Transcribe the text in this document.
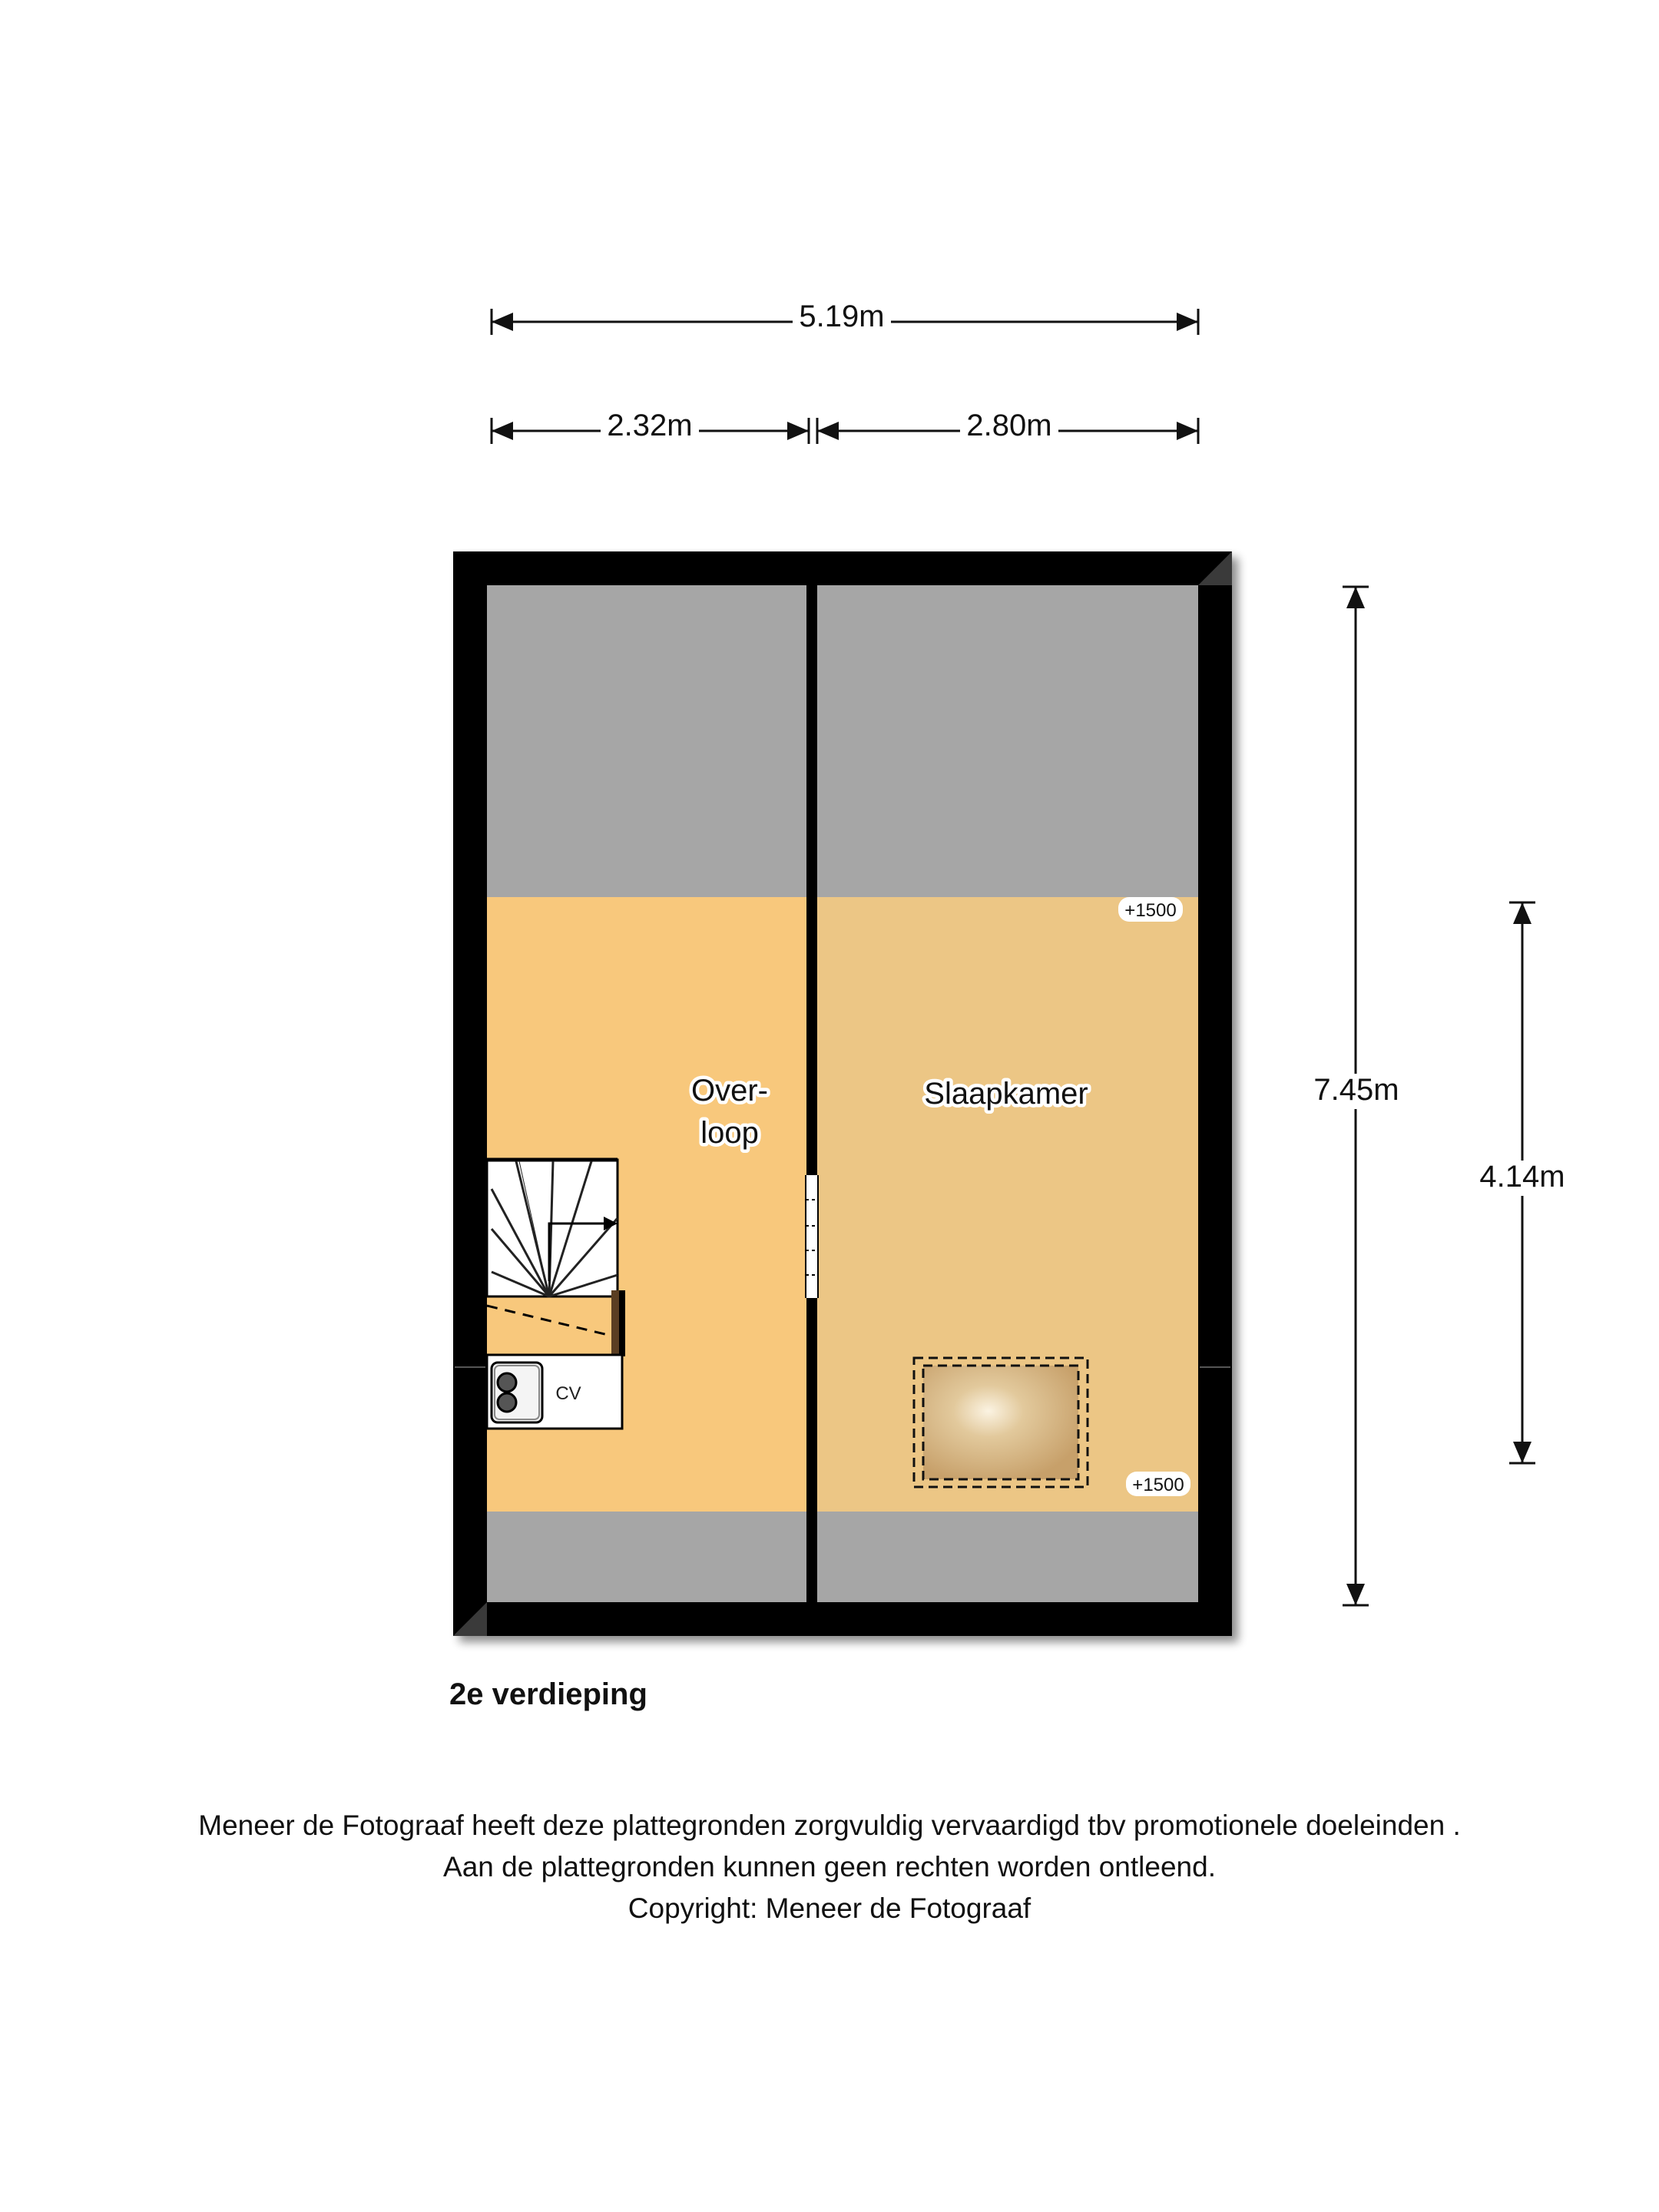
5.19m
2.32m	2.80m
7.45m
4.14m
CV
+1500
+1500
Over-
loop
Slaapkamer
2e verdieping

Meneer de Fotograaf heeft deze plattegronden zorgvuldig vervaardigd tbv promotionele doeleinden .

Aan de plattegronden kunnen geen rechten worden ontleend.

Copyright: Meneer de Fotograaf
